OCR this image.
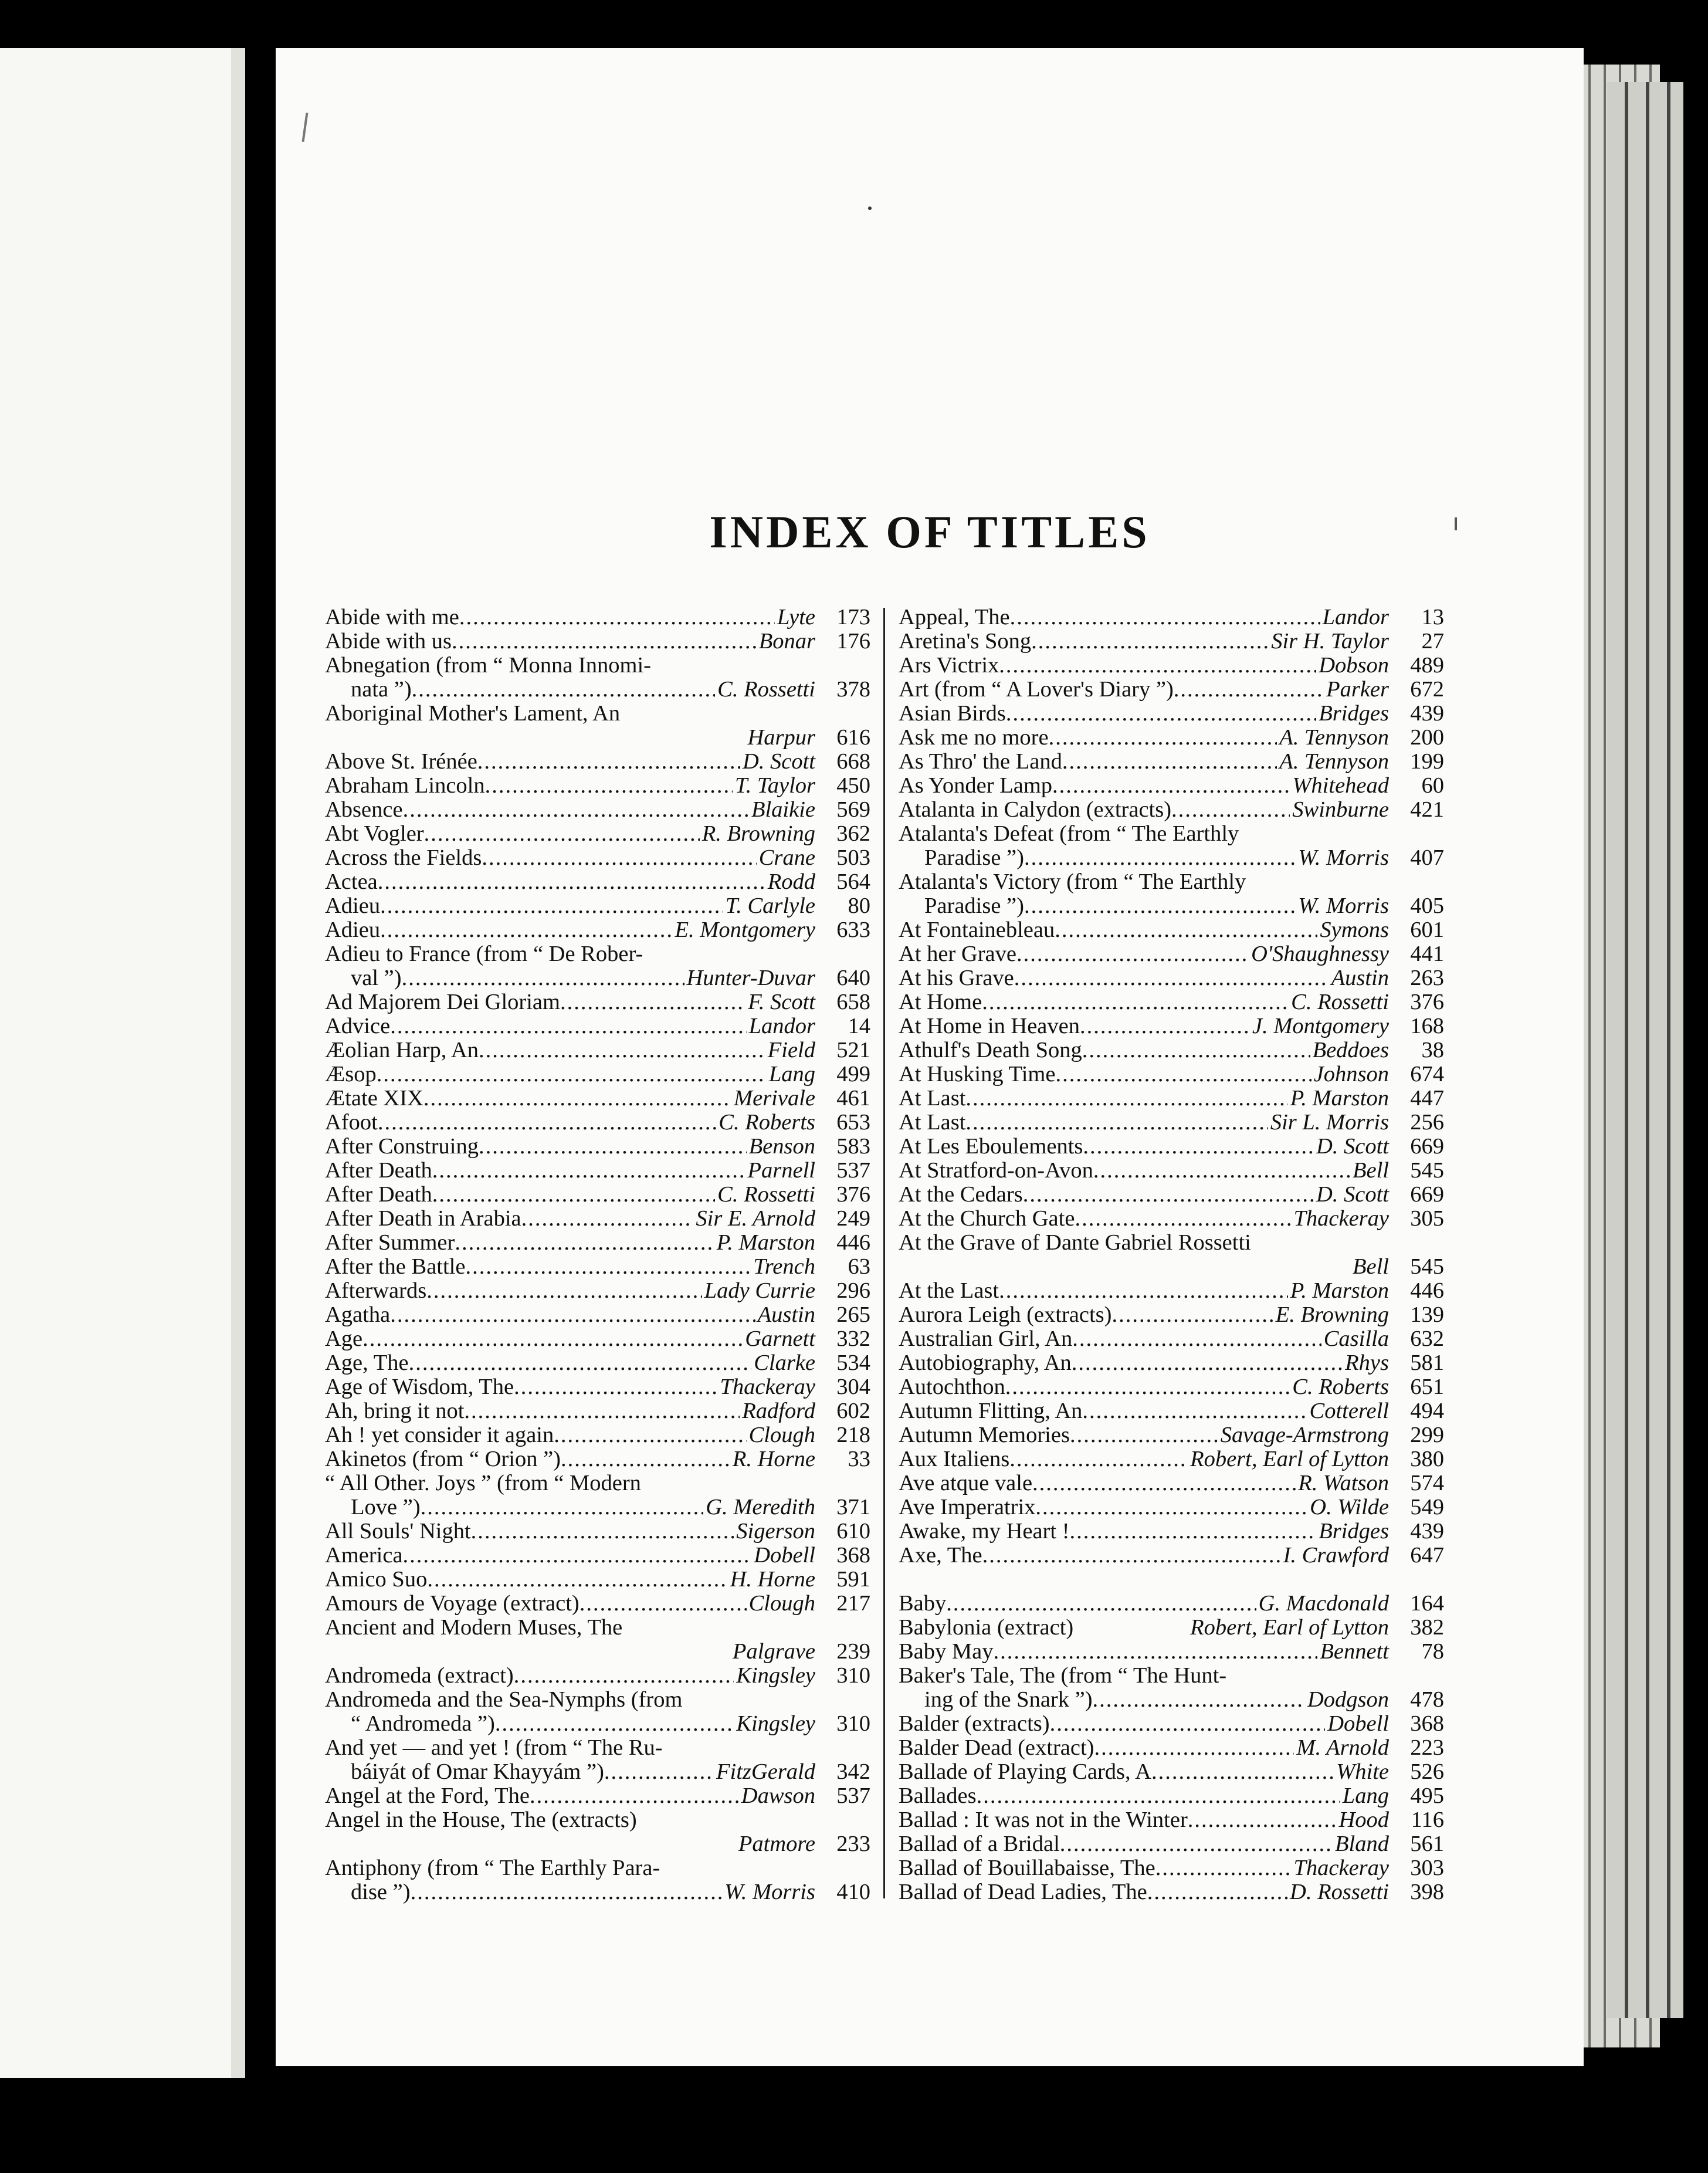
INDEX OF TITLES
Abide with me .....	Lyte 173
Abide with us .....	Bonar 176
Abnegation (from “ Monna Innomi-
nata ”) .....	C. Rossetti 378
Aboriginal Mother's Lament, An
Harpur 616
Above St. Irénée .....	D. Scott 668
Abraham Lincoln .....	T. Taylor 450
Absence .....	Blaikie 569
Abt Vogler .....	R. Browning 362
Across the Fields .....	Crane 503
Actea .....	Rodd 564
Adieu .....	T. Carlyle	80
Adieu .....	E. Montgomery 633
Adieu to France (from “ De Rober-
val ”) .....	Hunter-Duvar 640
Ad Majorem Dei Gloriam .....	F. Scott 658
Advice .....	Landor	14
Æolian Harp, An .....	Field 521
Æsop .....	Lang 499
Ætate XIX .....	Merivale 461
Afoot .....	C. Roberts 653
After Construing .....	Benson 583
After Death .....	Parnell 537
After Death .....	C. Rossetti 376
After Death in Arabia .....	Sir E. Arnold 249
After Summer .....	P. Marston 446
After the Battle .....	Trench	63
Afterwards .....	Lady Currie 296
Agatha .....	Austin 265
Age .....	Garnett 332
Age, The .....	Clarke 534
Age of Wisdom, The .....	Thackeray 304
Ah, bring it not .....	Radford 602
Ah ! yet consider it again .....	Clough 218
Akinetos (from “ Orion ”) .....	R. Horne	33
“ All Other. Joys ” (from “ Modern
Love ”) .....	G. Meredith 371
All Souls' Night .....	Sigerson 610
America .....	Dobell 368
Amico Suo .....	H. Horne 591
Amours de Voyage (extract) .....	Clough 217
Ancient and Modern Muses, The
Palgrave 239
Andromeda (extract) .....	Kingsley 310
Andromeda and the Sea-Nymphs (from
“ Andromeda ”) .....	Kingsley 310
And yet — and yet ! (from “ The Ru-
báiyát of Omar Khayyám ”) .....	FitzGerald 342
Angel at the Ford, The .....	Dawson 537
Angel in the House, The (extracts)
Patmore 233
Antiphony (from “ The Earthly Para-
dise ”) .....	W. Morris 410
Appeal, The .....	Landor	13
Aretina's Song .....	Sir H. Taylor	27
Ars Victrix .....	Dobson 489
Art (from “ A Lover's Diary ”) .....	Parker 672
Asian Birds .....	Bridges 439
Ask me no more .....	A. Tennyson 200
As Thro' the Land .....	A. Tennyson 199
As Yonder Lamp .....	Whitehead	60
Atalanta in Calydon (extracts) .....	Swinburne 421
Atalanta's Defeat (from “ The Earthly
Paradise ”) .....	W. Morris 407
Atalanta's Victory (from “ The Earthly
Paradise ”) .....	W. Morris 405
At Fontainebleau .....	Symons 601
At her Grave .....	O'Shaughnessy 441
At his Grave .....	Austin 263
At Home .....	C. Rossetti 376
At Home in Heaven .....	J. Montgomery 168
Athulf's Death Song .....	Beddoes	38
At Husking Time .....	Johnson 674
At Last .....	P. Marston 447
At Last .....	Sir L. Morris 256
At Les Eboulements .....	D. Scott 669
At Stratford-on-Avon .....	Bell 545
At the Cedars .....	D. Scott 669
At the Church Gate .....	Thackeray 305
At the Grave of Dante Gabriel Rossetti
Bell 545
At the Last .....	P. Marston 446
Aurora Leigh (extracts) .....	E. Browning 139
Australian Girl, An .....	Casilla 632
Autobiography, An .....	Rhys 581
Autochthon .....	C. Roberts 651
Autumn Flitting, An .....	Cotterell 494
Autumn Memories .....	Savage-Armstrong 299
Aux Italiens .....	Robert, Earl of Lytton 380
Ave atque vale .....	R. Watson 574
Ave Imperatrix .....	O. Wilde 549
Awake, my Heart ! .....	Bridges 439
Axe, The .....	I. Crawford 647
Baby .....	G. Macdonald 164
Babylonia (extract)	Robert, Earl of Lytton 382
Baby May .....	Bennett	78
Baker's Tale, The (from “ The Hunt-
ing of the Snark ”) .....	Dodgson 478
Balder (extracts) .....	Dobell 368
Balder Dead (extract) .....	M. Arnold 223
Ballade of Playing Cards, A .....	White 526
Ballades .....	Lang 495
Ballad : It was not in the Winter .....	Hood 116
Ballad of a Bridal .....	Bland 561
Ballad of Bouillabaisse, The .....	Thackeray 303
Ballad of Dead Ladies, The .....	D. Rossetti 398
